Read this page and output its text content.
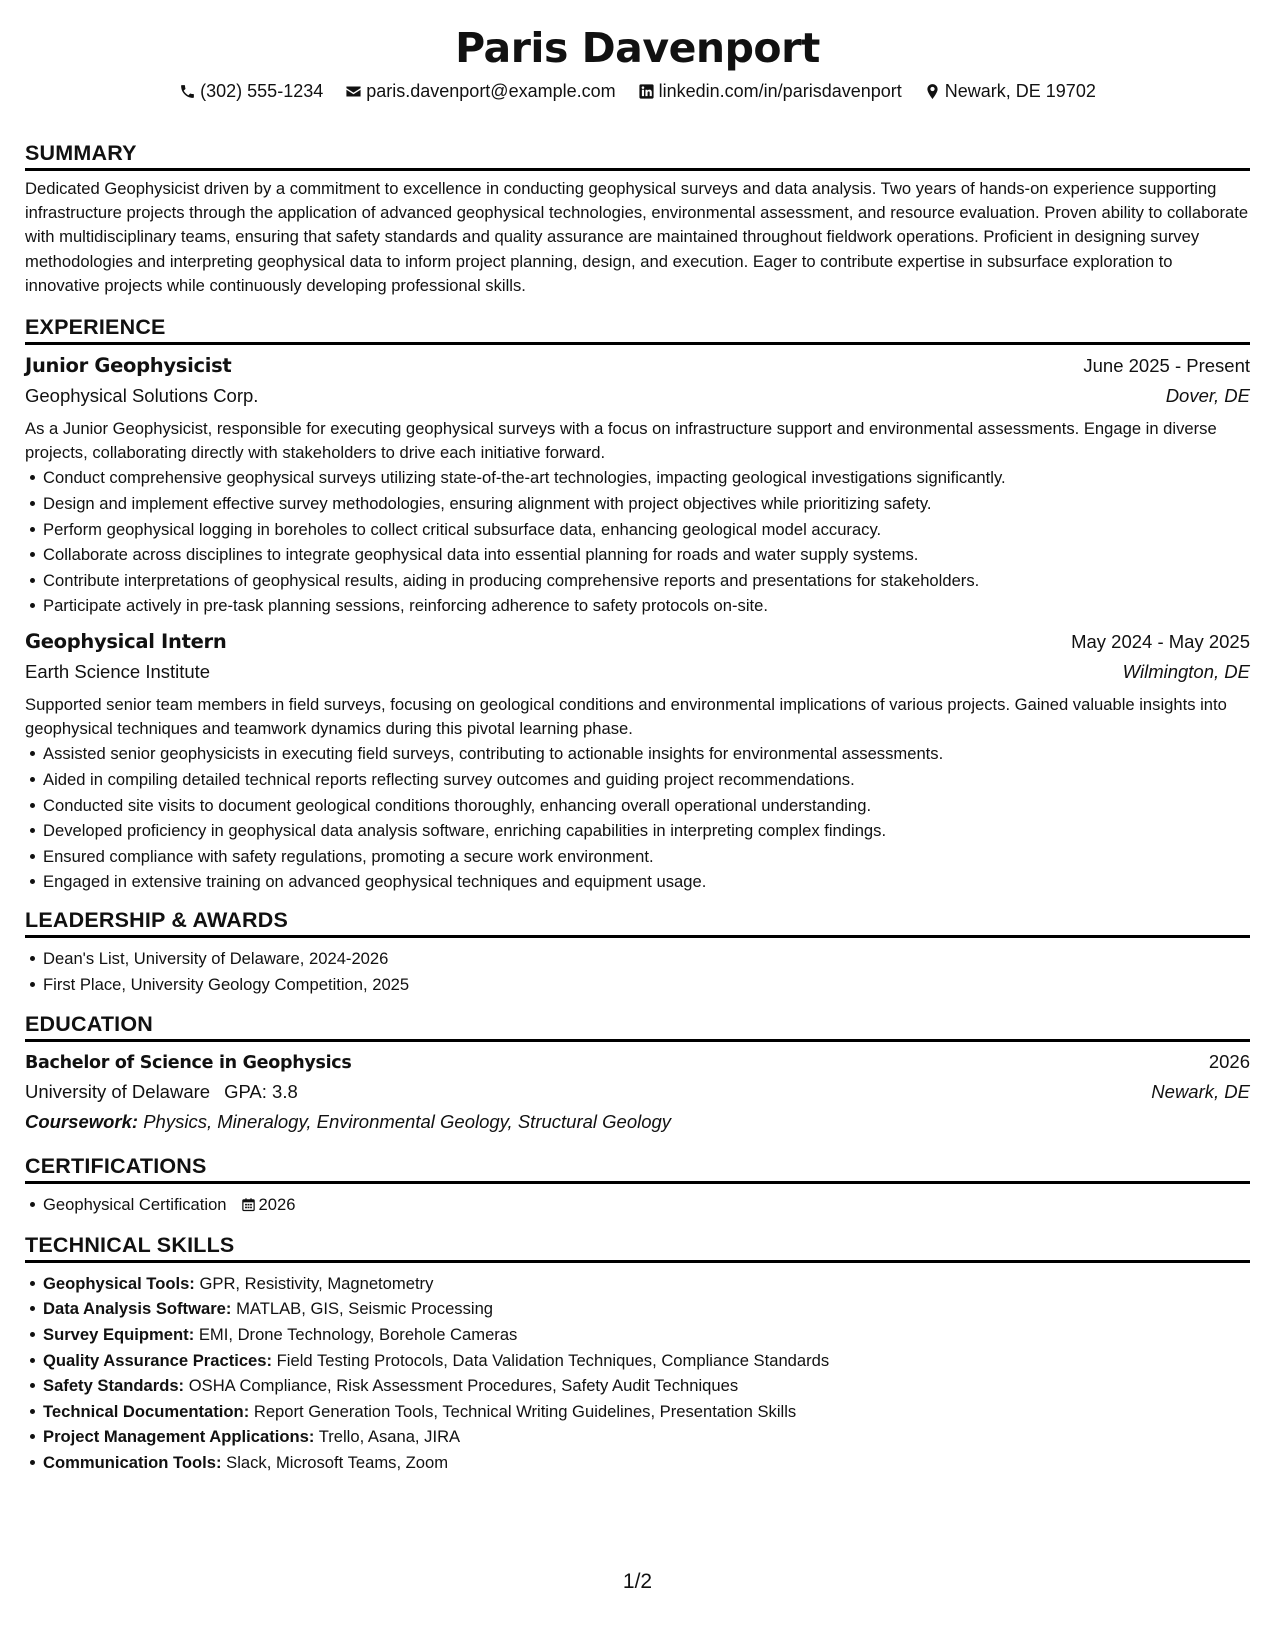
Paris Davenport
(302) 555-1234 paris.davenport@example.com linkedin.com/in/parisdavenport Newark, DE 19702
SUMMARY
Dedicated Geophysicist driven by a commitment to excellence in conducting geophysical surveys and data analysis. Two years of hands-on experience supporting infrastructure projects through the application of advanced geophysical technologies, environmental assessment, and resource evaluation. Proven ability to collaborate with multidisciplinary teams, ensuring that safety standards and quality assurance are maintained throughout fieldwork operations. Proficient in designing survey methodologies and interpreting geophysical data to inform project planning, design, and execution. Eager to contribute expertise in subsurface exploration to innovative projects while continuously developing professional skills.
EXPERIENCE
Junior Geophysicist	June 2025 - Present
Geophysical Solutions Corp.	Dover, DE
As a Junior Geophysicist, responsible for executing geophysical surveys with a focus on infrastructure support and environmental assessments. Engage in diverse projects, collaborating directly with stakeholders to drive each initiative forward.
Conduct comprehensive geophysical surveys utilizing state-of-the-art technologies, impacting geological investigations significantly.
Design and implement effective survey methodologies, ensuring alignment with project objectives while prioritizing safety.
Perform geophysical logging in boreholes to collect critical subsurface data, enhancing geological model accuracy.
Collaborate across disciplines to integrate geophysical data into essential planning for roads and water supply systems.
Contribute interpretations of geophysical results, aiding in producing comprehensive reports and presentations for stakeholders.
Participate actively in pre-task planning sessions, reinforcing adherence to safety protocols on-site.
Geophysical Intern	May 2024 - May 2025
Earth Science Institute	Wilmington, DE
Supported senior team members in field surveys, focusing on geological conditions and environmental implications of various projects. Gained valuable insights into geophysical techniques and teamwork dynamics during this pivotal learning phase.
Assisted senior geophysicists in executing field surveys, contributing to actionable insights for environmental assessments.
Aided in compiling detailed technical reports reflecting survey outcomes and guiding project recommendations.
Conducted site visits to document geological conditions thoroughly, enhancing overall operational understanding.
Developed proficiency in geophysical data analysis software, enriching capabilities in interpreting complex findings.
Ensured compliance with safety regulations, promoting a secure work environment.
Engaged in extensive training on advanced geophysical techniques and equipment usage.
LEADERSHIP & AWARDS
Dean's List, University of Delaware, 2024-2026
First Place, University Geology Competition, 2025
EDUCATION
Bachelor of Science in Geophysics	2026
University of Delaware GPA: 3.8	Newark, DE
Coursework: Physics, Mineralogy, Environmental Geology, Structural Geology
CERTIFICATIONS
Geophysical Certification 2026
TECHNICAL SKILLS
Geophysical Tools: GPR, Resistivity, Magnetometry
Data Analysis Software: MATLAB, GIS, Seismic Processing
Survey Equipment: EMI, Drone Technology, Borehole Cameras
Quality Assurance Practices: Field Testing Protocols, Data Validation Techniques, Compliance Standards
Safety Standards: OSHA Compliance, Risk Assessment Procedures, Safety Audit Techniques
Technical Documentation: Report Generation Tools, Technical Writing Guidelines, Presentation Skills
Project Management Applications: Trello, Asana, JIRA
Communication Tools: Slack, Microsoft Teams, Zoom
1/2
